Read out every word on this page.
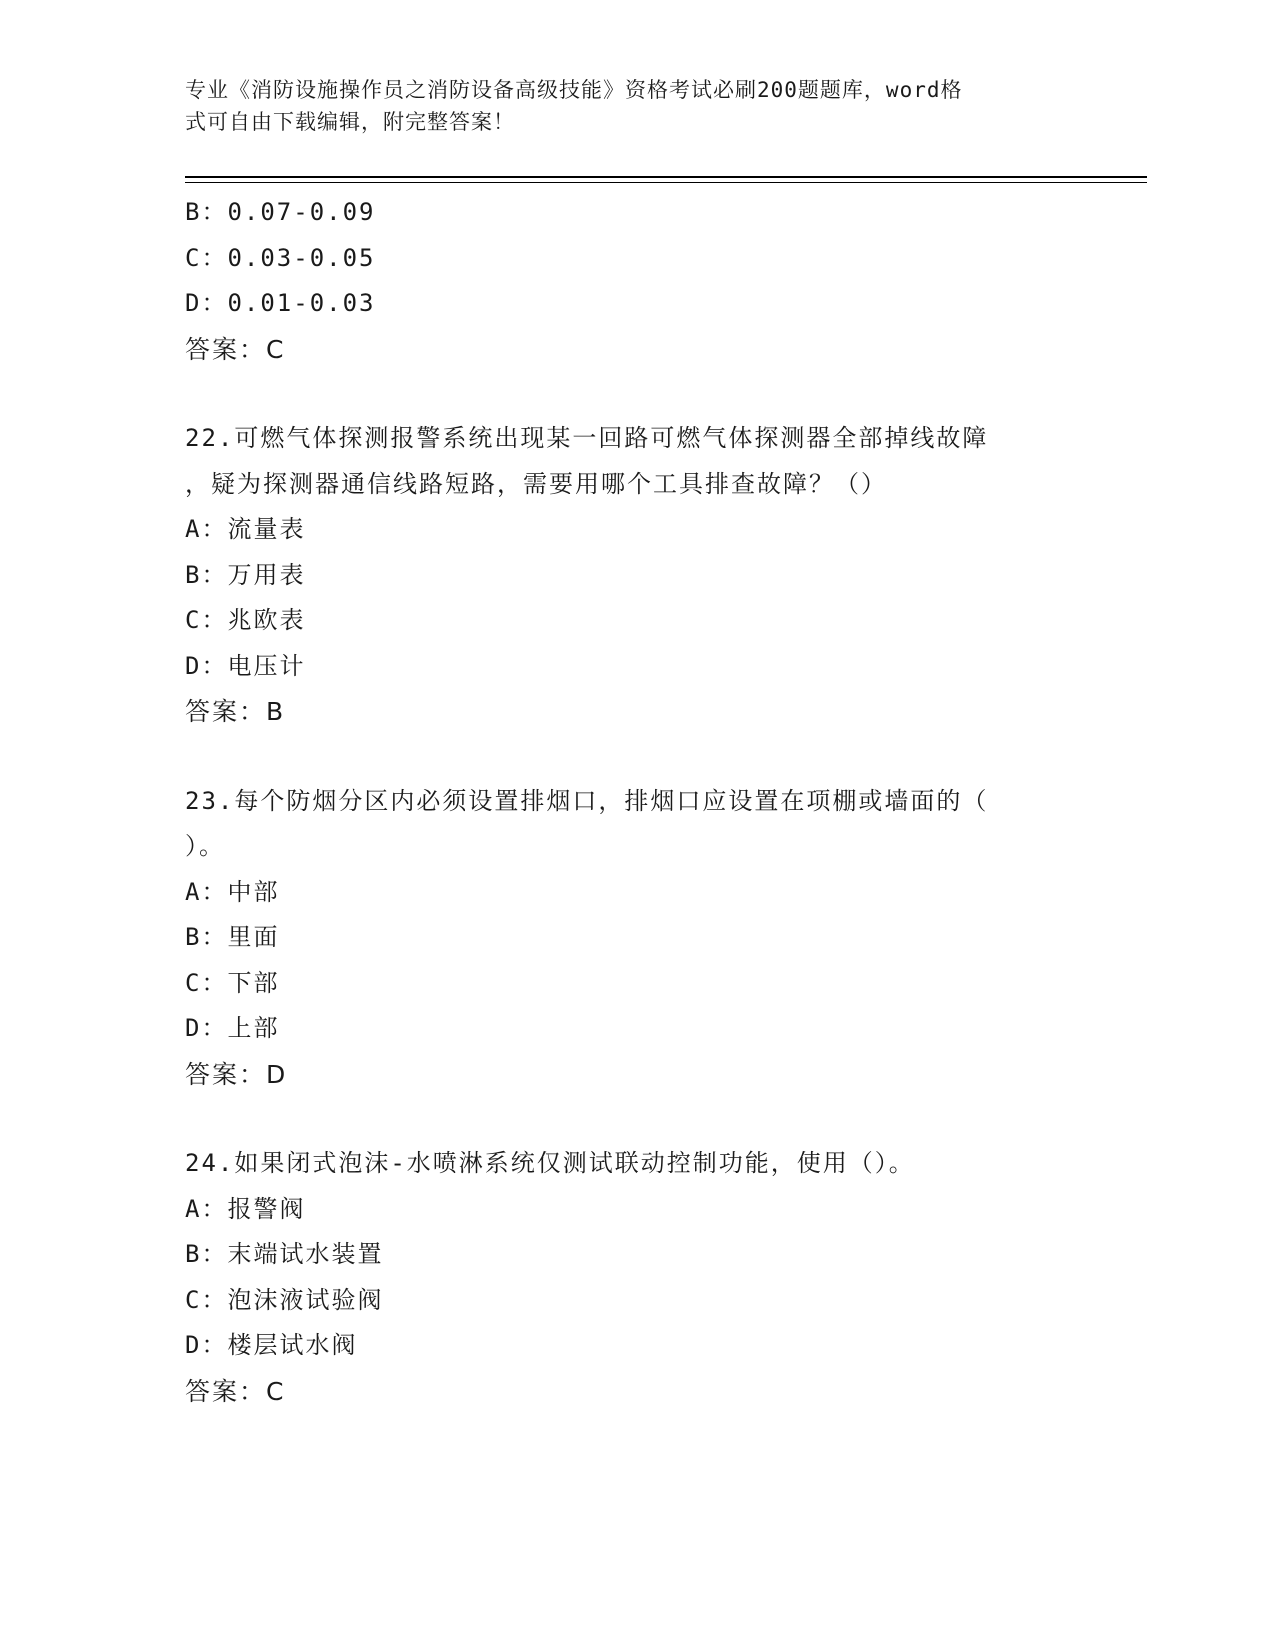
专业《消防设施操作员之消防设备高级技能》资格考试必刷200题题库，word格
式可自由下载编辑，附完整答案！
B：0.07-0.09
C：0.03-0.05
D：0.01-0.03
答案：C
22.可燃气体探测报警系统出现某一回路可燃气体探测器全部掉线故障
，疑为探测器通信线路短路，需要用哪个工具排查故障？（）
A：流量表
B：万用表
C：兆欧表
D：电压计
答案：B
23.每个防烟分区内必须设置排烟口，排烟口应设置在项棚或墙面的（
）。
A：中部
B：里面
C：下部
D：上部
答案：D
24.如果闭式泡沫-水喷淋系统仅测试联动控制功能，使用（）。
A：报警阀
B：末端试水装置
C：泡沫液试验阀
D：楼层试水阀
答案：C
